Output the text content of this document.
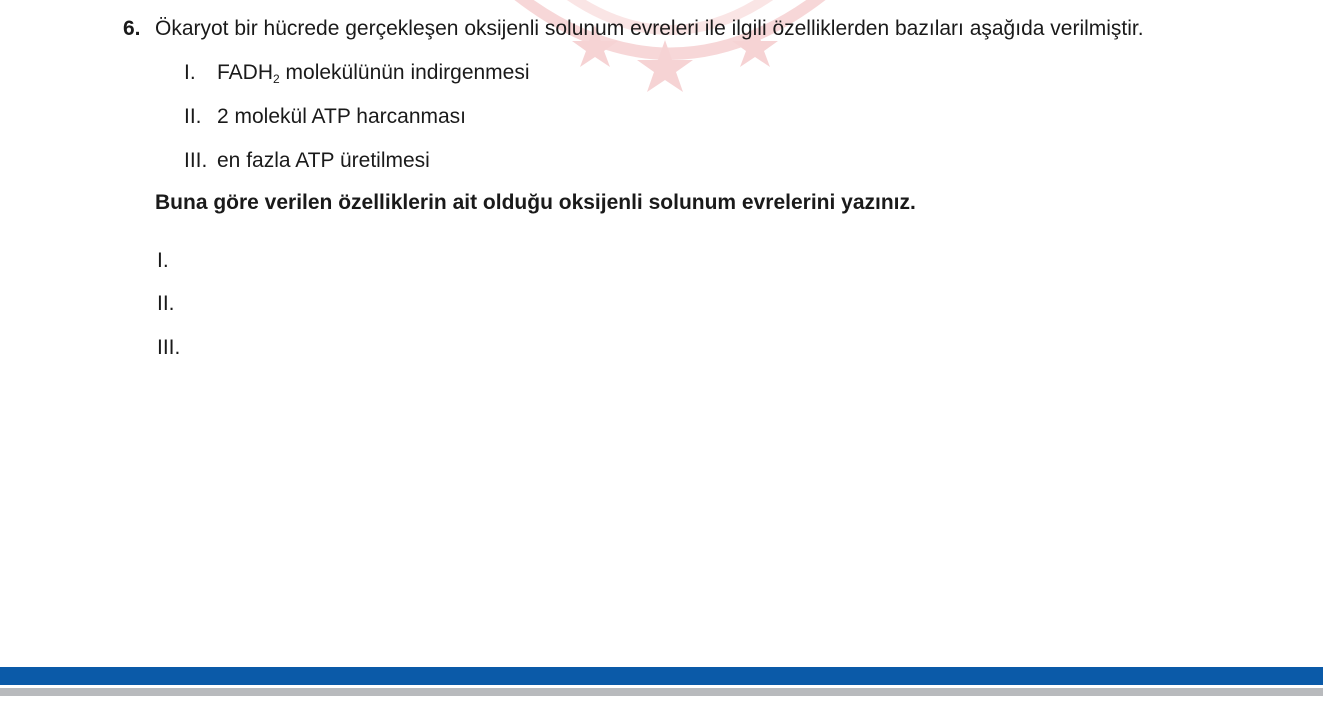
6. Ökaryot bir hücrede gerçekleşen oksijenli solunum evreleri ile ilgili özelliklerden bazıları aşağıda verilmiştir.
I. $FADH_2$ molekülünün indirgenmesi
II. 2 molekül ATP harcanması
III. en fazla ATP üretilmesi
Buna göre verilen özelliklerin ait olduğu oksijenli solunum evrelerini yazınız.
I.
II.
III.
